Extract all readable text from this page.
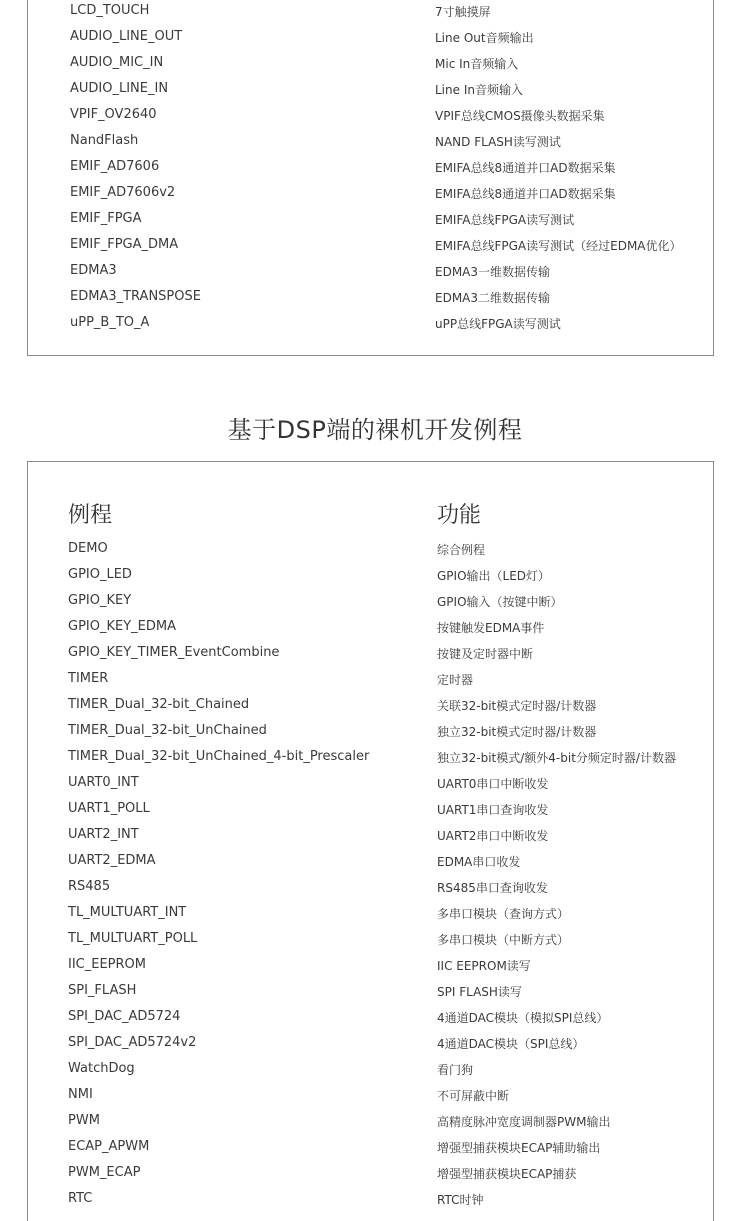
LCD_TOUCH	7寸触摸屏
AUDIO_LINE_OUT	Line Out音频输出
AUDIO_MIC_IN	Mic In音频输入
AUDIO_LINE_IN	Line In音频输入
VPIF_OV2640	VPIF总线CMOS摄像头数据采集
NandFlash	NAND FLASH读写测试
EMIF_AD7606	EMIFA总线8通道并口AD数据采集
EMIF_AD7606v2	EMIFA总线8通道并口AD数据采集
EMIF_FPGA	EMIFA总线FPGA读写测试
EMIF_FPGA_DMA	EMIFA总线FPGA读写测试（经过EDMA优化）
EDMA3	EDMA3一维数据传输
EDMA3_TRANSPOSE	EDMA3二维数据传输
uPP_B_TO_A	uPP总线FPGA读写测试
基于DSP端的裸机开发例程
例程	功能
DEMO	综合例程
GPIO_LED	GPIO输出（LED灯）
GPIO_KEY	GPIO输入（按键中断）
GPIO_KEY_EDMA	按键触发EDMA事件
GPIO_KEY_TIMER_EventCombine	按键及定时器中断
TIMER	定时器
TIMER_Dual_32-bit_Chained	关联32-bit模式定时器/计数器
TIMER_Dual_32-bit_UnChained	独立32-bit模式定时器/计数器
TIMER_Dual_32-bit_UnChained_4-bit_Prescaler	独立32-bit模式/额外4-bit分频定时器/计数器
UART0_INT	UART0串口中断收发
UART1_POLL	UART1串口查询收发
UART2_INT	UART2串口中断收发
UART2_EDMA	EDMA串口收发
RS485	RS485串口查询收发
TL_MULTUART_INT	多串口模块（查询方式）
TL_MULTUART_POLL	多串口模块（中断方式）
IIC_EEPROM	IIC EEPROM读写
SPI_FLASH	SPI FLASH读写
SPI_DAC_AD5724	4通道DAC模块（模拟SPI总线）
SPI_DAC_AD5724v2	4通道DAC模块（SPI总线）
WatchDog	看门狗
NMI	不可屏蔽中断
PWM	高精度脉冲宽度调制器PWM输出
ECAP_APWM	增强型捕获模块ECAP辅助输出
PWM_ECAP	增强型捕获模块ECAP捕获
RTC	RTC时钟
